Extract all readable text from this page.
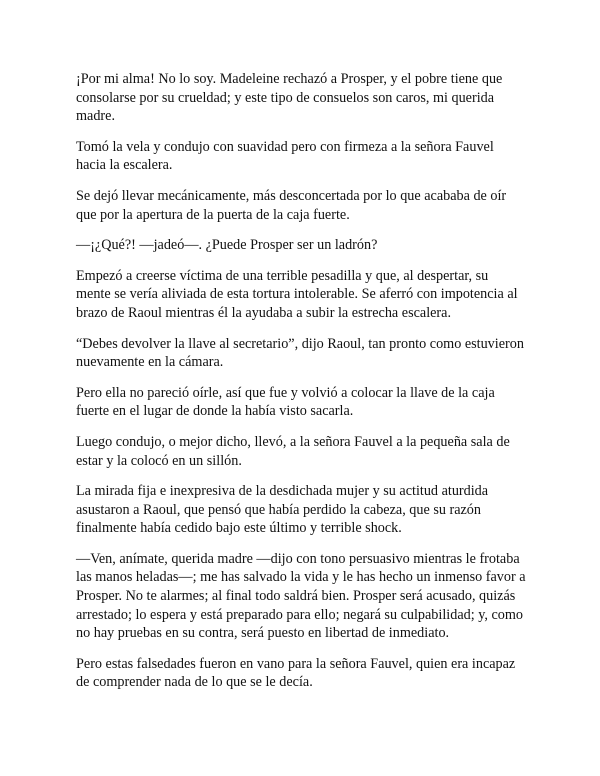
¡Por mi alma! No lo soy. Madeleine rechazó a Prosper, y el pobre tiene que consolarse por su crueldad; y este tipo de consuelos son caros, mi querida madre.

Tomó la vela y condujo con suavidad pero con firmeza a la señora Fauvel hacia la escalera.

Se dejó llevar mecánicamente, más desconcertada por lo que acababa de oír que por la apertura de la puerta de la caja fuerte.

—¡¿Qué?! —jadeó—. ¿Puede Prosper ser un ladrón?

Empezó a creerse víctima de una terrible pesadilla y que, al despertar, su mente se vería aliviada de esta tortura intolerable. Se aferró con impotencia al brazo de Raoul mientras él la ayudaba a subir la estrecha escalera.

“Debes devolver la llave al secretario”, dijo Raoul, tan pronto como estuvieron nuevamente en la cámara.

Pero ella no pareció oírle, así que fue y volvió a colocar la llave de la caja fuerte en el lugar de donde la había visto sacarla.

Luego condujo, o mejor dicho, llevó, a la señora Fauvel a la pequeña sala de estar y la colocó en un sillón.

La mirada fija e inexpresiva de la desdichada mujer y su actitud aturdida asustaron a Raoul, que pensó que había perdido la cabeza, que su razón finalmente había cedido bajo este último y terrible shock.

—Ven, anímate, querida madre —dijo con tono persuasivo mientras le frotaba las manos heladas—; me has salvado la vida y le has hecho un inmenso favor a Prosper. No te alarmes; al final todo saldrá bien. Prosper será acusado, quizás arrestado; lo espera y está preparado para ello; negará su culpabilidad; y, como no hay pruebas en su contra, será puesto en libertad de inmediato.

Pero estas falsedades fueron en vano para la señora Fauvel, quien era incapaz de comprender nada de lo que se le decía.
